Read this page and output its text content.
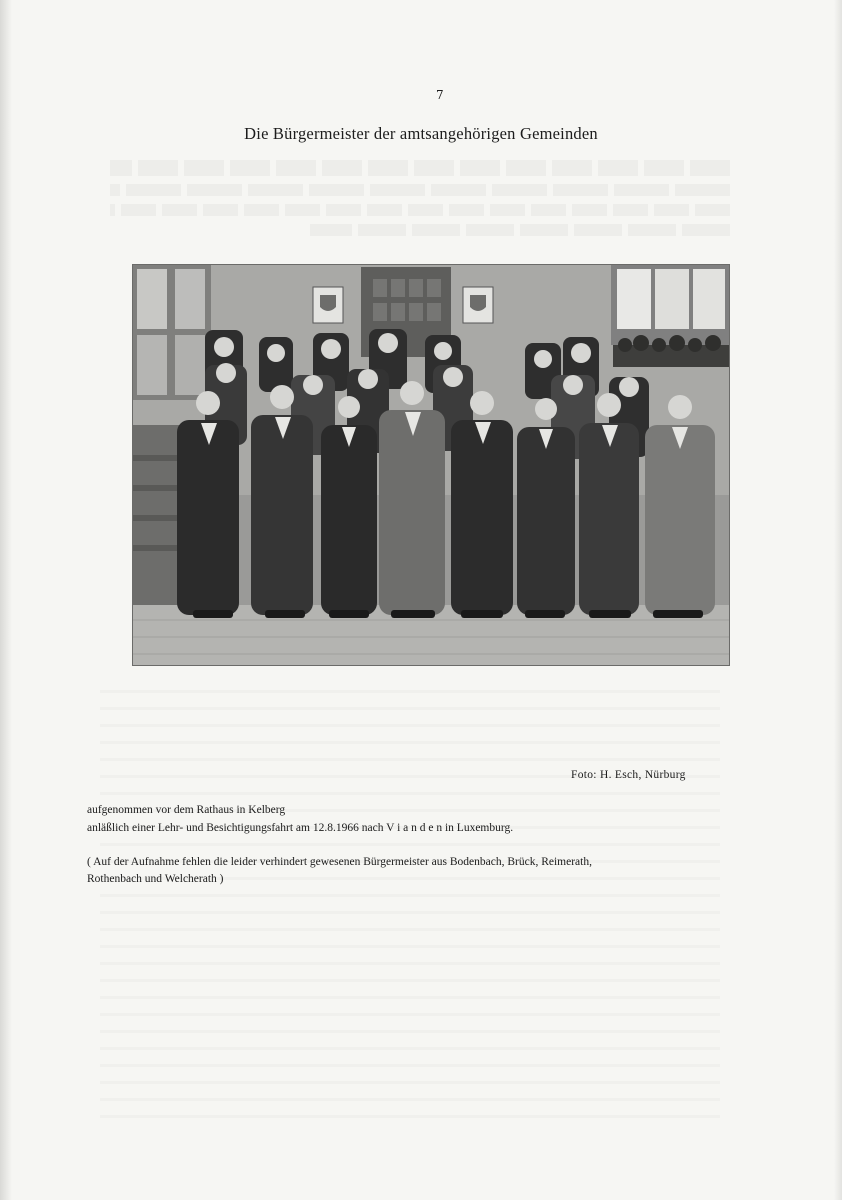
7
Die Bürgermeister der amtsangehörigen Gemeinden
Foto: H. Esch, Nürburg
aufgenommen vor dem Rathaus in Kelberg
anläßlich einer Lehr- und Besichtigungsfahrt am 12.8.1966 nach V i a n d e n in Luxemburg.
( Auf der Aufnahme fehlen die leider verhindert gewesenen Bürgermeister aus Bodenbach, Brück, Reimerath,
Rothenbach und Welcherath )
